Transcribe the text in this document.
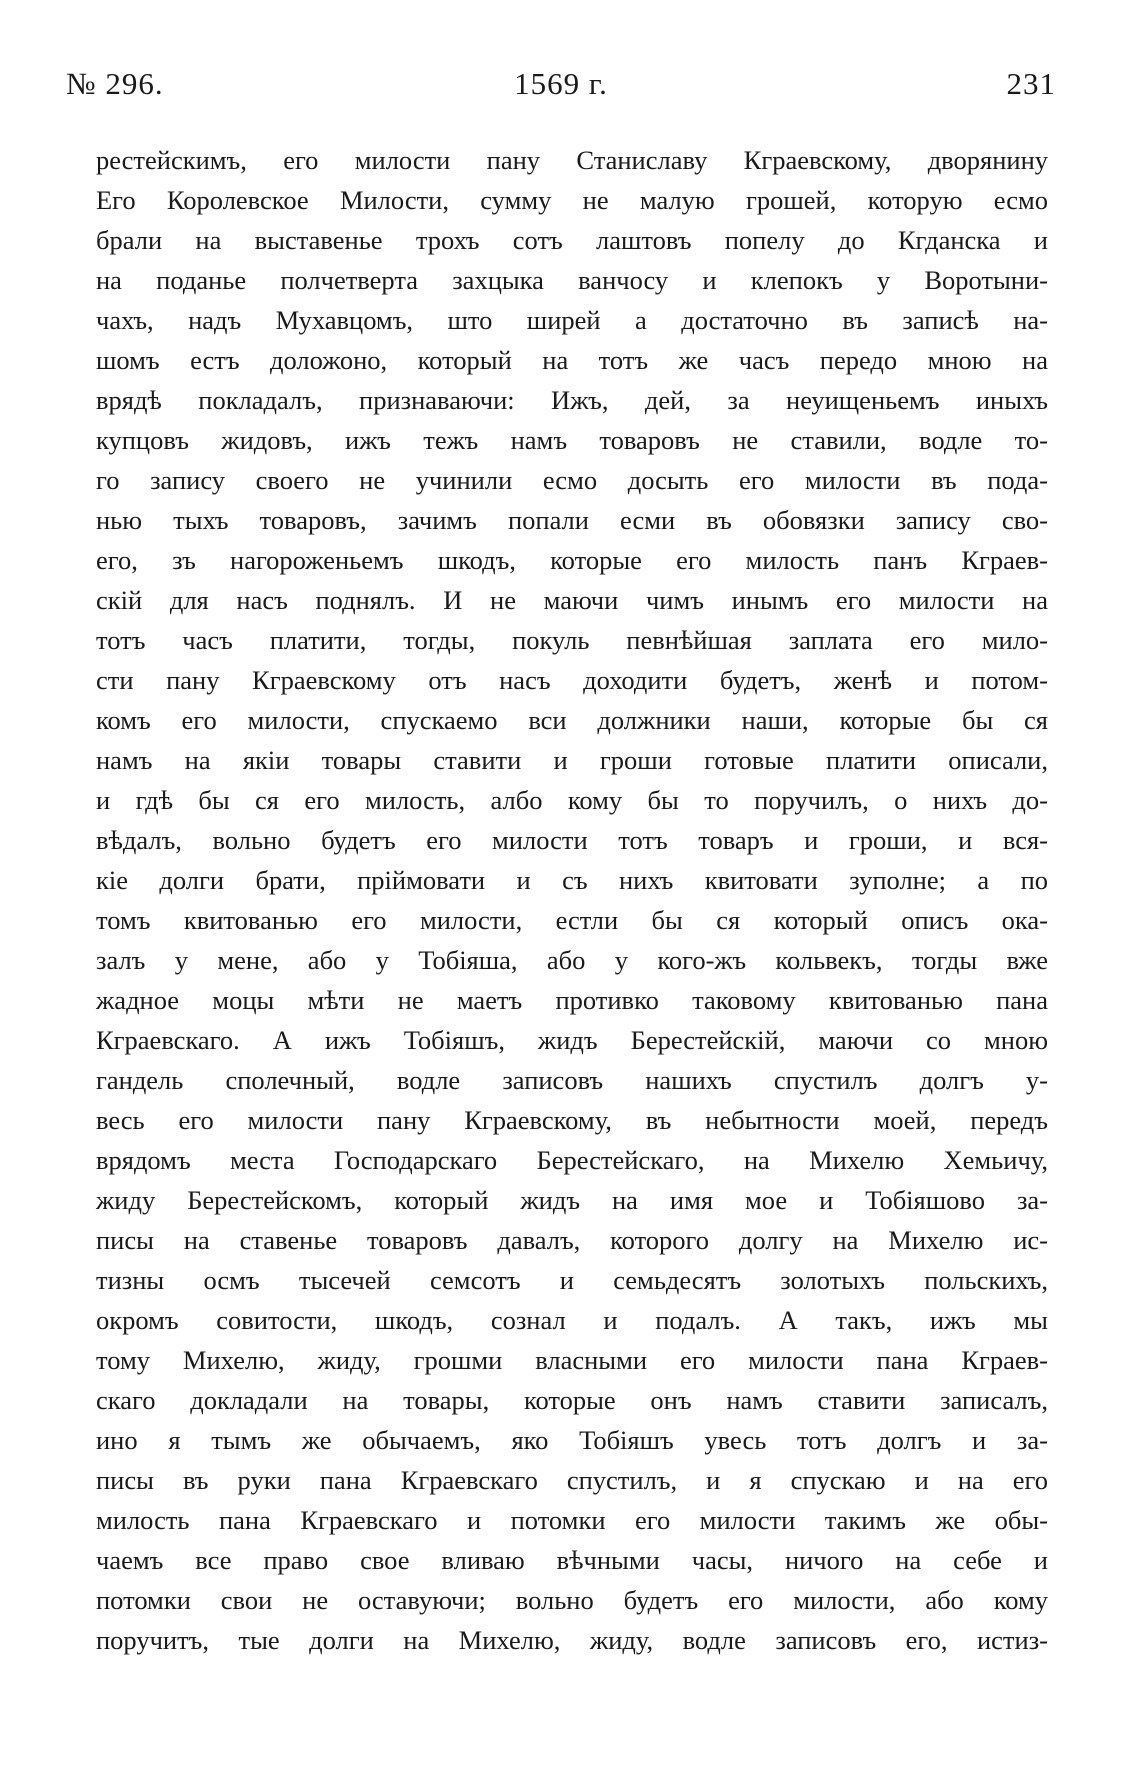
№ 296.	1569 г.	231
рестейскимъ, его милости пану Станиславу Кграевскому, дворянину
Его Королевское Милости, сумму не малую грошей, которую есмо
брали на выставенье трохъ сотъ лаштовъ попелу до Кгданска и
на поданье полчетверта захцыка ванчосу и клепокъ у Воротыни-
чахъ, надъ Мухавцомъ, што ширей а достаточно въ записѣ на-
шомъ естъ доложоно, который на тотъ же часъ передо мною на
врядѣ покладалъ, признаваючи: Ижъ, дей, за неуищеньемъ иныхъ
купцовъ жидовъ, ижъ тежъ намъ товаровъ не ставили, водле то-
го запису своего не учинили есмо досыть его милости въ пода-
нью тыхъ товаровъ, зачимъ попали есми въ обовязки запису сво-
его, зъ нагороженьемъ шкодъ, которые его милость панъ Кграев-
скій для насъ поднялъ. И не маючи чимъ инымъ его милости на
тотъ часъ платити, тогды, покуль певнѣйшая заплата его мило-
сти пану Кграевскому отъ насъ доходити будетъ, женѣ и потом-
комъ его милости, спускаемо вси должники наши, которые бы ся
намъ на якіи товары ставити и гроши готовые платити описали,
и гдѣ бы ся его милость, албо кому бы то поручилъ, о нихъ до-
вѣдалъ, вольно будетъ его милости тотъ товаръ и гроши, и вся-
кіе долги брати, пріймовати и съ нихъ квитовати зуполне; а по
томъ квитованью его милости, естли бы ся который описъ ока-
залъ у мене, або у Тобіяша, або у кого-жъ кольвекъ, тогды вже
жадное моцы мѣти не маетъ противко таковому квитованью пана
Кграевскаго. А ижъ Тобіяшъ, жидъ Берестейскій, маючи со мною
гандель сполечный, водле записовъ нашихъ спустилъ долгъ у-
весь его милости пану Кграевскому, въ небытности моей, передъ
врядомъ места Господарскаго Берестейскаго, на Михелю Хемьичу,
жиду Берестейскомъ, который жидъ на имя мое и Тобіяшово за-
писы на ставенье товаровъ давалъ, которого долгу на Михелю ис-
тизны осмъ тысечей семсотъ и семьдесятъ золотыхъ польскихъ,
окромъ совитости, шкодъ, сознал и подалъ. А такъ, ижъ мы
тому Михелю, жиду, грошми власными его милости пана Кграев-
скаго докладали на товары, которые онъ намъ ставити записалъ,
ино я тымъ же обычаемъ, яко Тобіяшъ увесь тотъ долгъ и за-
писы въ руки пана Кграевскаго спустилъ, и я спускаю и на его
милость пана Кграевскаго и потомки его милости такимъ же обы-
чаемъ все право свое вливаю вѣчными часы, ничого на себе и
потомки свои не оставуючи; вольно будетъ его милости, або кому
поручитъ, тые долги на Михелю, жиду, водле записовъ его, истиз-
